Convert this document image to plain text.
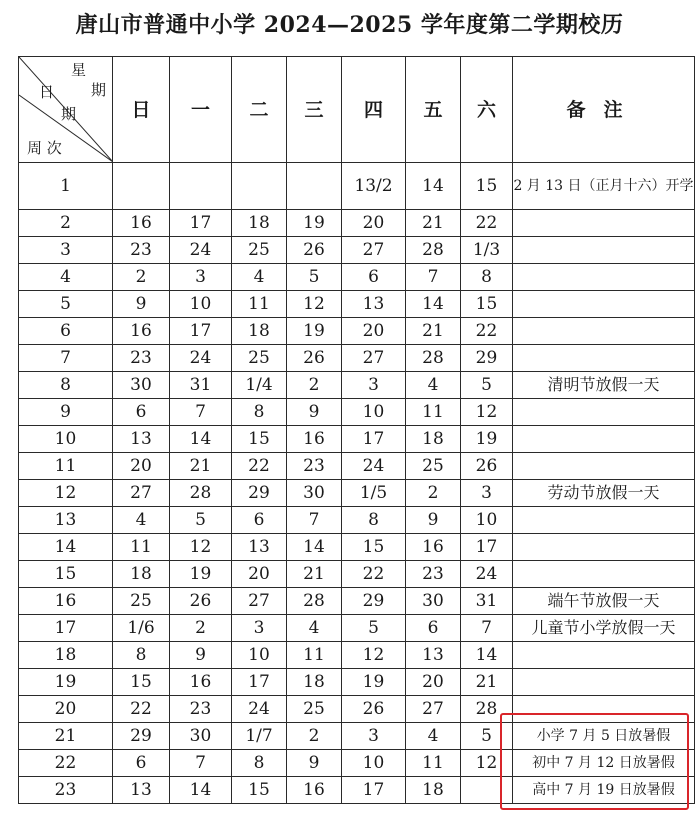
唐山市普通中小学 2024—2025 学年度第二学期校历
星
期
日
期
周 次	日	一	二	三	四	五	六	备注
1					13/2	14	15	2 月 13 日（正月十六）开学
2	16	17	18	19	20	21	22	
3	23	24	25	26	27	28	1/3	
4	2	3	4	5	6	7	8	
5	9	10	11	12	13	14	15	
6	16	17	18	19	20	21	22	
7	23	24	25	26	27	28	29	
8	30	31	1/4	2	3	4	5	清明节放假一天
9	6	7	8	9	10	11	12	
10	13	14	15	16	17	18	19	
11	20	21	22	23	24	25	26	
12	27	28	29	30	1/5	2	3	劳动节放假一天
13	4	5	6	7	8	9	10	
14	11	12	13	14	15	16	17	
15	18	19	20	21	22	23	24	
16	25	26	27	28	29	30	31	端午节放假一天
17	1/6	2	3	4	5	6	7	儿童节小学放假一天
18	8	9	10	11	12	13	14	
19	15	16	17	18	19	20	21	
20	22	23	24	25	26	27	28	
21	29	30	1/7	2	3	4	5	小学 7 月 5 日放暑假
22	6	7	8	9	10	11	12	初中 7 月 12 日放暑假
23	13	14	15	16	17	18		高中 7 月 19 日放暑假
